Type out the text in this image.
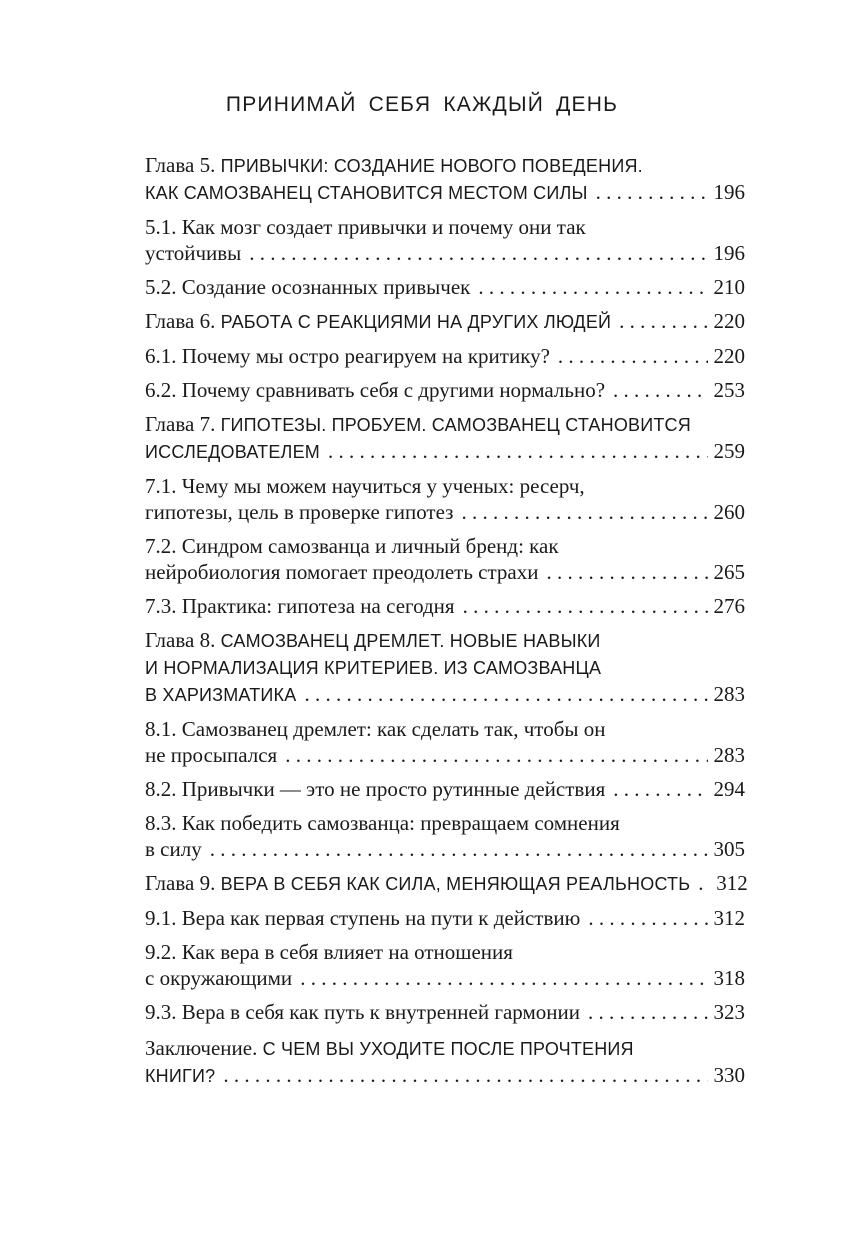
ПРИНИМАЙ СЕБЯ КАЖДЫЙ ДЕНЬ
Глава 5. ПРИВЫЧКИ: СОЗДАНИЕ НОВОГО ПОВЕДЕНИЯ.
КАК САМОЗВАНЕЦ СТАНОВИТСЯ МЕСТОМ СИЛЫ . . .	196
5.1. Как мозг создает привычки и почему они так
устойчивы . . .	196
5.2. Создание осознанных привычек . . .	210
Глава 6. РАБОТА С РЕАКЦИЯМИ НА ДРУГИХ ЛЮДЕЙ . . .	220
6.1. Почему мы остро реагируем на критику? . . .	220
6.2. Почему сравнивать себя с другими нормально? . . .	253
Глава 7. ГИПОТЕЗЫ. ПРОБУЕМ. САМОЗВАНЕЦ СТАНОВИТСЯ
ИССЛЕДОВАТЕЛЕМ . . .	259
7.1. Чему мы можем научиться у ученых: ресерч,
гипотезы, цель в проверке гипотез . . .	260
7.2. Синдром самозванца и личный бренд: как
нейробиология помогает преодолеть страхи . . .	265
7.3. Практика: гипотеза на сегодня . . .	276
Глава 8. САМОЗВАНЕЦ ДРЕМЛЕТ. НОВЫЕ НАВЫКИ
И НОРМАЛИЗАЦИЯ КРИТЕРИЕВ. ИЗ САМОЗВАНЦА
В ХАРИЗМАТИКА . . .	283
8.1. Самозванец дремлет: как сделать так, чтобы он
не просыпался . . .	283
8.2. Привычки — это не просто рутинные действия . . .	294
8.3. Как победить самозванца: превращаем сомнения
в силу . . .	305
Глава 9. ВЕРА В СЕБЯ КАК СИЛА, МЕНЯЮЩАЯ РЕАЛЬНОСТЬ . . . 312
9.1. Вера как первая ступень на пути к действию . . .	312
9.2. Как вера в себя влияет на отношения
с окружающими . . .	318
9.3. Вера в себя как путь к внутренней гармонии . . .	323
Заключение. С ЧЕМ ВЫ УХОДИТЕ ПОСЛЕ ПРОЧТЕНИЯ
КНИГИ? . . .	330
